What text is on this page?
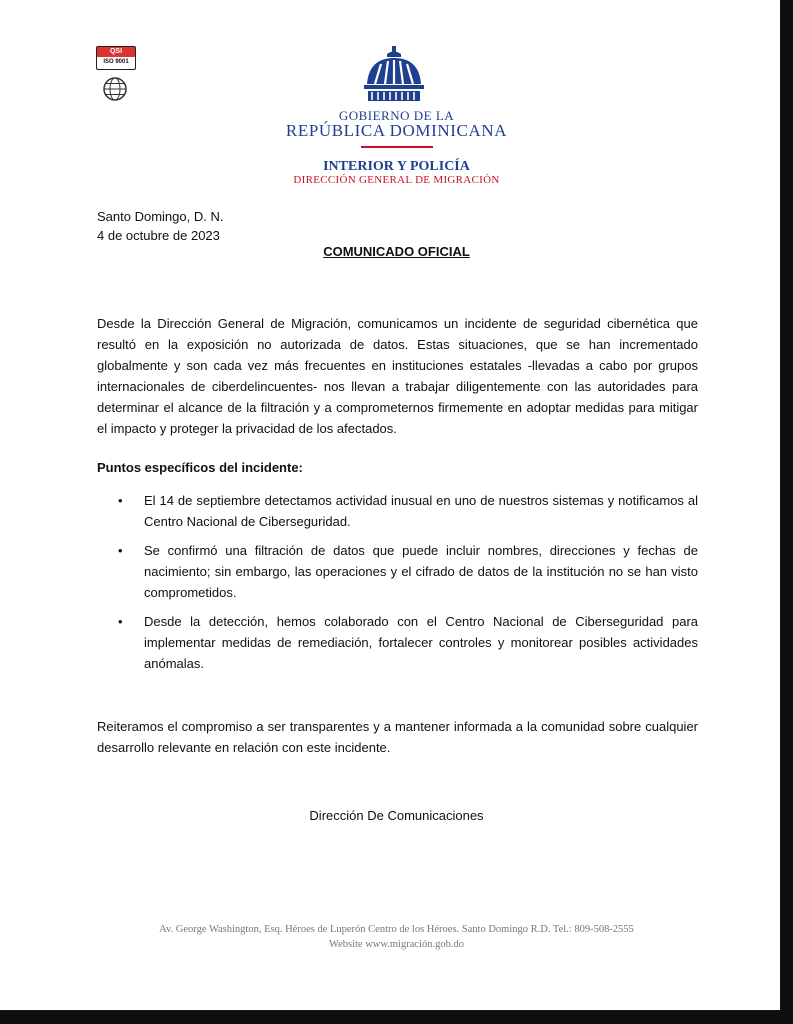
QSI
ISO 9001
GOBIERNO DE LA
REPÚBLICA DOMINICANA
INTERIOR Y POLICÍA
DIRECCIÓN GENERAL DE MIGRACIÓN
Santo Domingo, D. N.
4 de octubre de 2023
COMUNICADO OFICIAL
Desde la Dirección General de Migración, comunicamos un incidente de seguridad cibernética que resultó en la exposición no autorizada de datos. Estas situaciones, que se han incrementado globalmente y son cada vez más frecuentes en instituciones estatales -llevadas a cabo por grupos internacionales de ciberdelincuentes- nos llevan a trabajar diligentemente con las autoridades para determinar el alcance de la filtración y a comprometernos firmemente en adoptar medidas para mitigar el impacto y proteger la privacidad de los afectados.
Puntos específicos del incidente:
• El 14 de septiembre detectamos actividad inusual en uno de nuestros sistemas y notificamos al Centro Nacional de Ciberseguridad.
• Se confirmó una filtración de datos que puede incluir nombres, direcciones y fechas de nacimiento; sin embargo, las operaciones y el cifrado de datos de la institución no se han visto comprometidos.
• Desde la detección, hemos colaborado con el Centro Nacional de Ciberseguridad para implementar medidas de remediación, fortalecer controles y monitorear posibles actividades anómalas.
Reiteramos el compromiso a ser transparentes y a mantener informada a la comunidad sobre cualquier desarrollo relevante en relación con este incidente.
Dirección De Comunicaciones
Av. George Washington, Esq. Héroes de Luperón Centro de los Héroes. Santo Domingo R.D. Tel.: 809-508-2555
Website www.migración.gob.do
